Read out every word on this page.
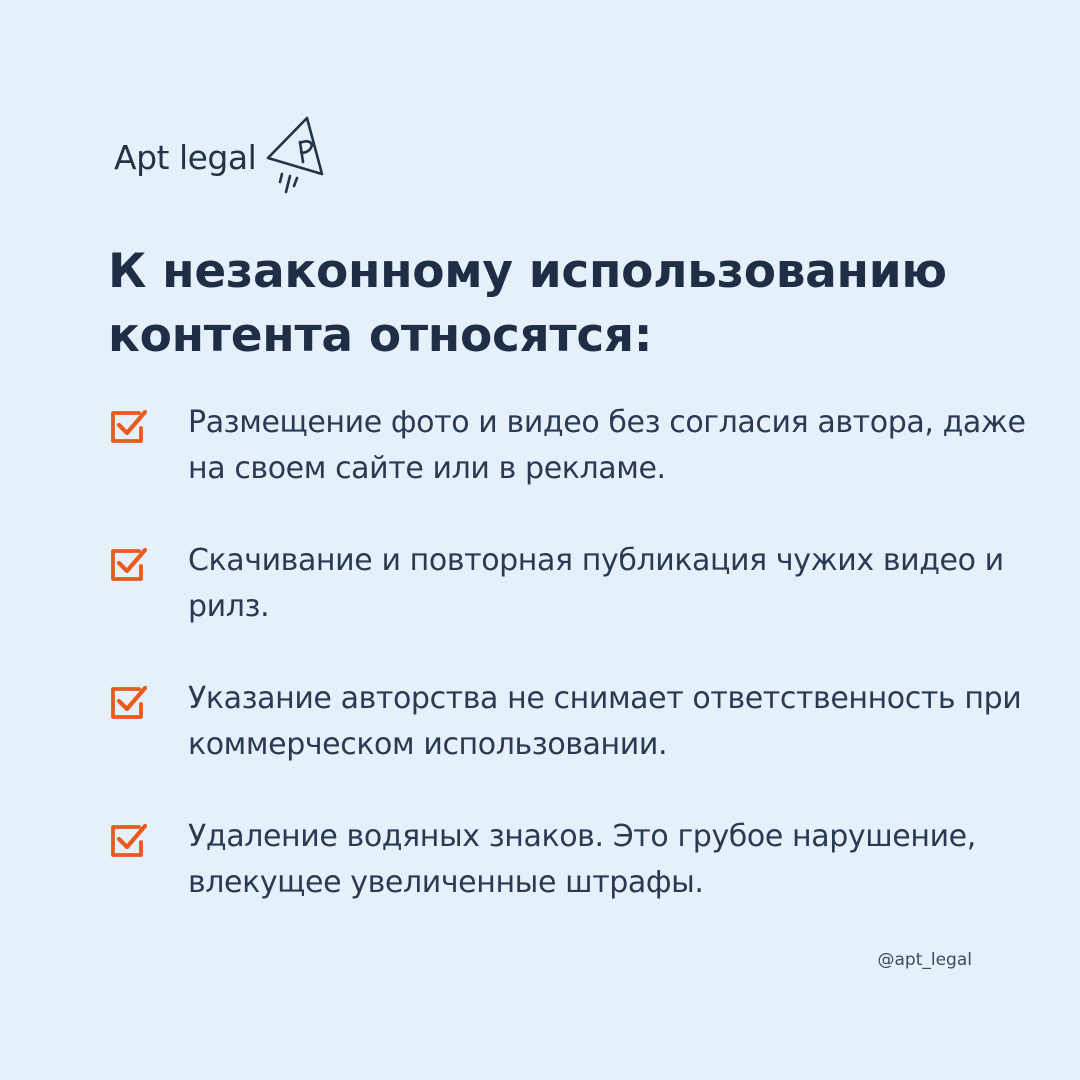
Apt legal
К незаконному использованию контента относятся:
Размещение фото и видео без согласия автора, даже на своем сайте или в рекламе.
Скачивание и повторная публикация чужих видео и рилз.
Указание авторства не снимает ответственность при коммерческом использовании.
Удаление водяных знаков. Это грубое нарушение, влекущее увеличенные штрафы.
@apt_legal
